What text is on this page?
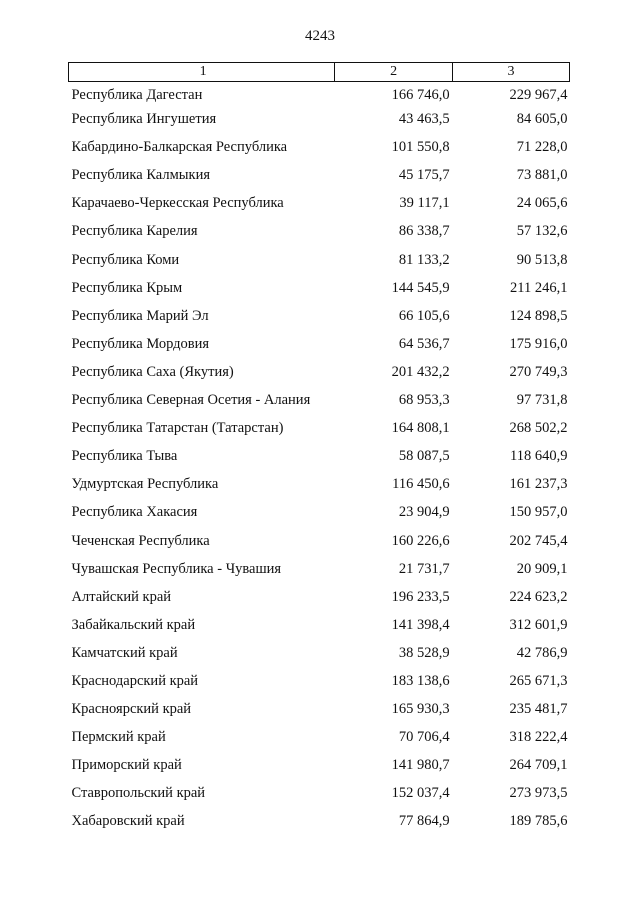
4243
1	2	3
Республика Дагестан	166 746,0	229 967,4
Республика Ингушетия	43 463,5	84 605,0
Кабардино-Балкарская Республика	101 550,8	71 228,0
Республика Калмыкия	45 175,7	73 881,0
Карачаево-Черкесская Республика	39 117,1	24 065,6
Республика Карелия	86 338,7	57 132,6
Республика Коми	81 133,2	90 513,8
Республика Крым	144 545,9	211 246,1
Республика Марий Эл	66 105,6	124 898,5
Республика Мордовия	64 536,7	175 916,0
Республика Саха (Якутия)	201 432,2	270 749,3
Республика Северная Осетия - Алания	68 953,3	97 731,8
Республика Татарстан (Татарстан)	164 808,1	268 502,2
Республика Тыва	58 087,5	118 640,9
Удмуртская Республика	116 450,6	161 237,3
Республика Хакасия	23 904,9	150 957,0
Чеченская Республика	160 226,6	202 745,4
Чувашская Республика - Чувашия	21 731,7	20 909,1
Алтайский край	196 233,5	224 623,2
Забайкальский край	141 398,4	312 601,9
Камчатский край	38 528,9	42 786,9
Краснодарский край	183 138,6	265 671,3
Красноярский край	165 930,3	235 481,7
Пермский край	70 706,4	318 222,4
Приморский край	141 980,7	264 709,1
Ставропольский край	152 037,4	273 973,5
Хабаровский край	77 864,9	189 785,6
